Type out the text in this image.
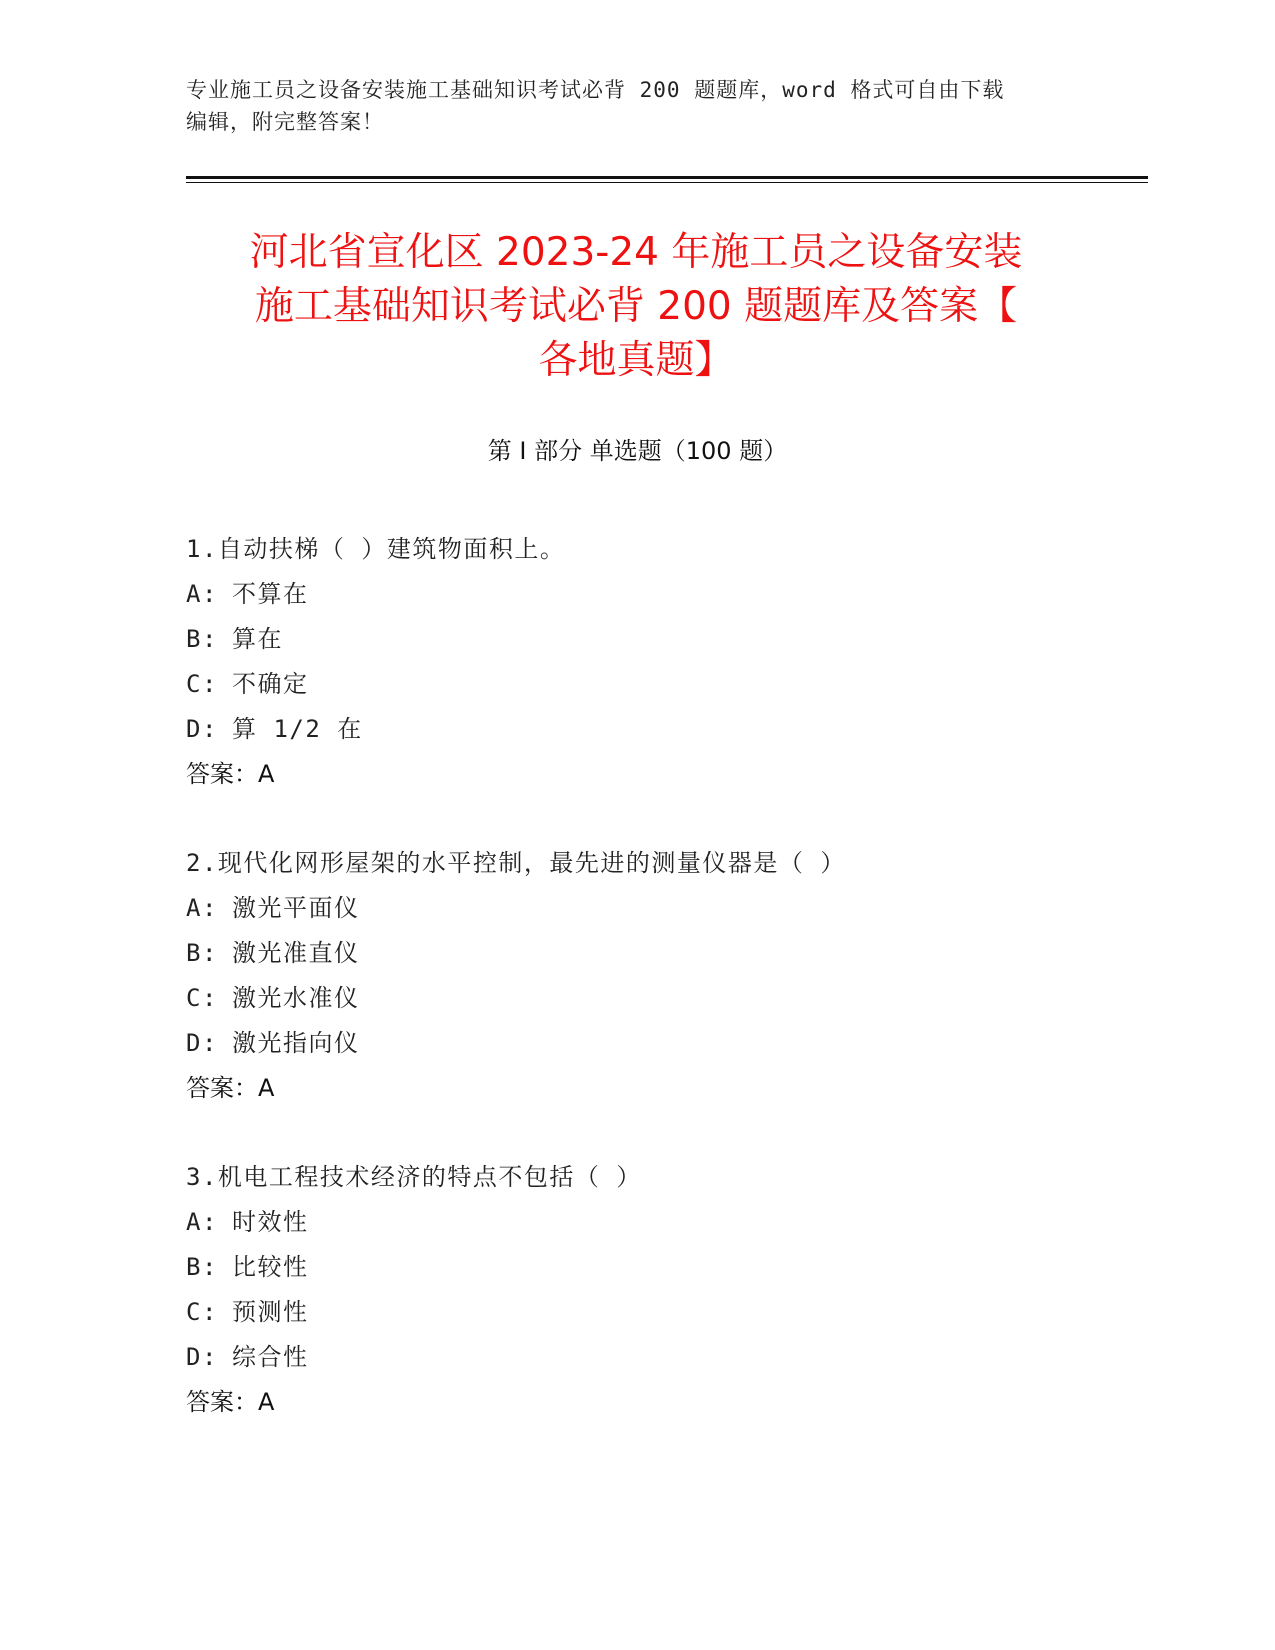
专业施工员之设备安装施工基础知识考试必背 200 题题库，word 格式可自由下载
编辑，附完整答案！
河北省宣化区 2023-24 年施工员之设备安装
施工基础知识考试必背 200 题题库及答案【
各地真题】
第 I 部分 单选题（100 题）
1.自动扶梯（ ）建筑物面积上。
A: 不算在
B: 算在
C: 不确定
D: 算 1/2 在
答案：A
2.现代化网形屋架的水平控制，最先进的测量仪器是（ ）
A: 激光平面仪
B: 激光准直仪
C: 激光水准仪
D: 激光指向仪
答案：A
3.机电工程技术经济的特点不包括（ ）
A: 时效性
B: 比较性
C: 预测性
D: 综合性
答案：A
